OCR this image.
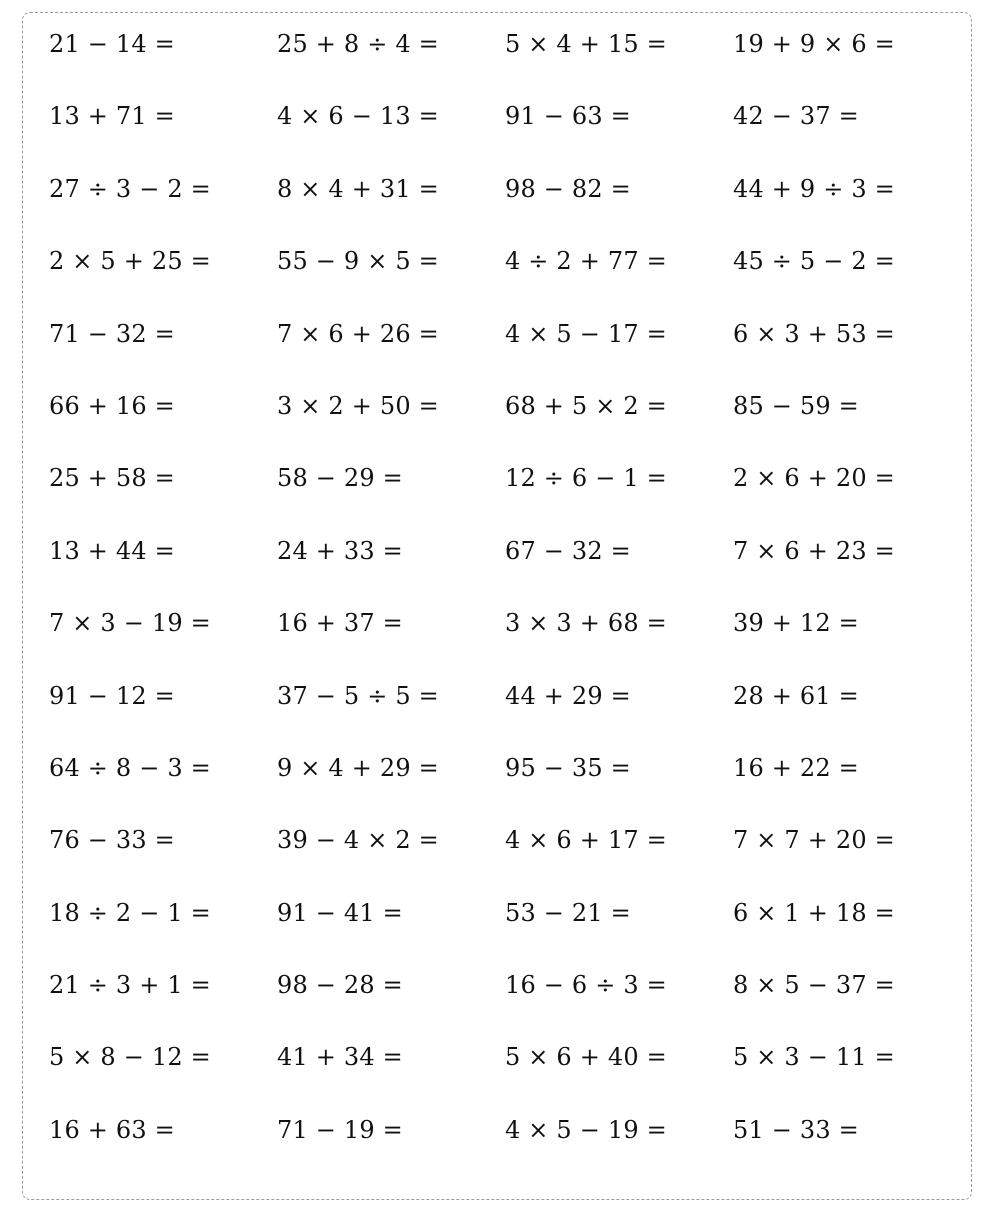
21 − 14 =	25 + 8 ÷ 4 =	5 × 4 + 15 =	19 + 9 × 6 =
13 + 71 =	4 × 6 − 13 =	91 − 63 =	42 − 37 =
27 ÷ 3 − 2 =	8 × 4 + 31 =	98 − 82 =	44 + 9 ÷ 3 =
2 × 5 + 25 =	55 − 9 × 5 =	4 ÷ 2 + 77 =	45 ÷ 5 − 2 =
71 − 32 =	7 × 6 + 26 =	4 × 5 − 17 =	6 × 3 + 53 =
66 + 16 =	3 × 2 + 50 =	68 + 5 × 2 =	85 − 59 =
25 + 58 =	58 − 29 =	12 ÷ 6 − 1 =	2 × 6 + 20 =
13 + 44 =	24 + 33 =	67 − 32 =	7 × 6 + 23 =
7 × 3 − 19 =	16 + 37 =	3 × 3 + 68 =	39 + 12 =
91 − 12 =	37 − 5 ÷ 5 =	44 + 29 =	28 + 61 =
64 ÷ 8 − 3 =	9 × 4 + 29 =	95 − 35 =	16 + 22 =
76 − 33 =	39 − 4 × 2 =	4 × 6 + 17 =	7 × 7 + 20 =
18 ÷ 2 − 1 =	91 − 41 =	53 − 21 =	6 × 1 + 18 =
21 ÷ 3 + 1 =	98 − 28 =	16 − 6 ÷ 3 =	8 × 5 − 37 =
5 × 8 − 12 =	41 + 34 =	5 × 6 + 40 =	5 × 3 − 11 =
16 + 63 =	71 − 19 =	4 × 5 − 19 =	51 − 33 =
